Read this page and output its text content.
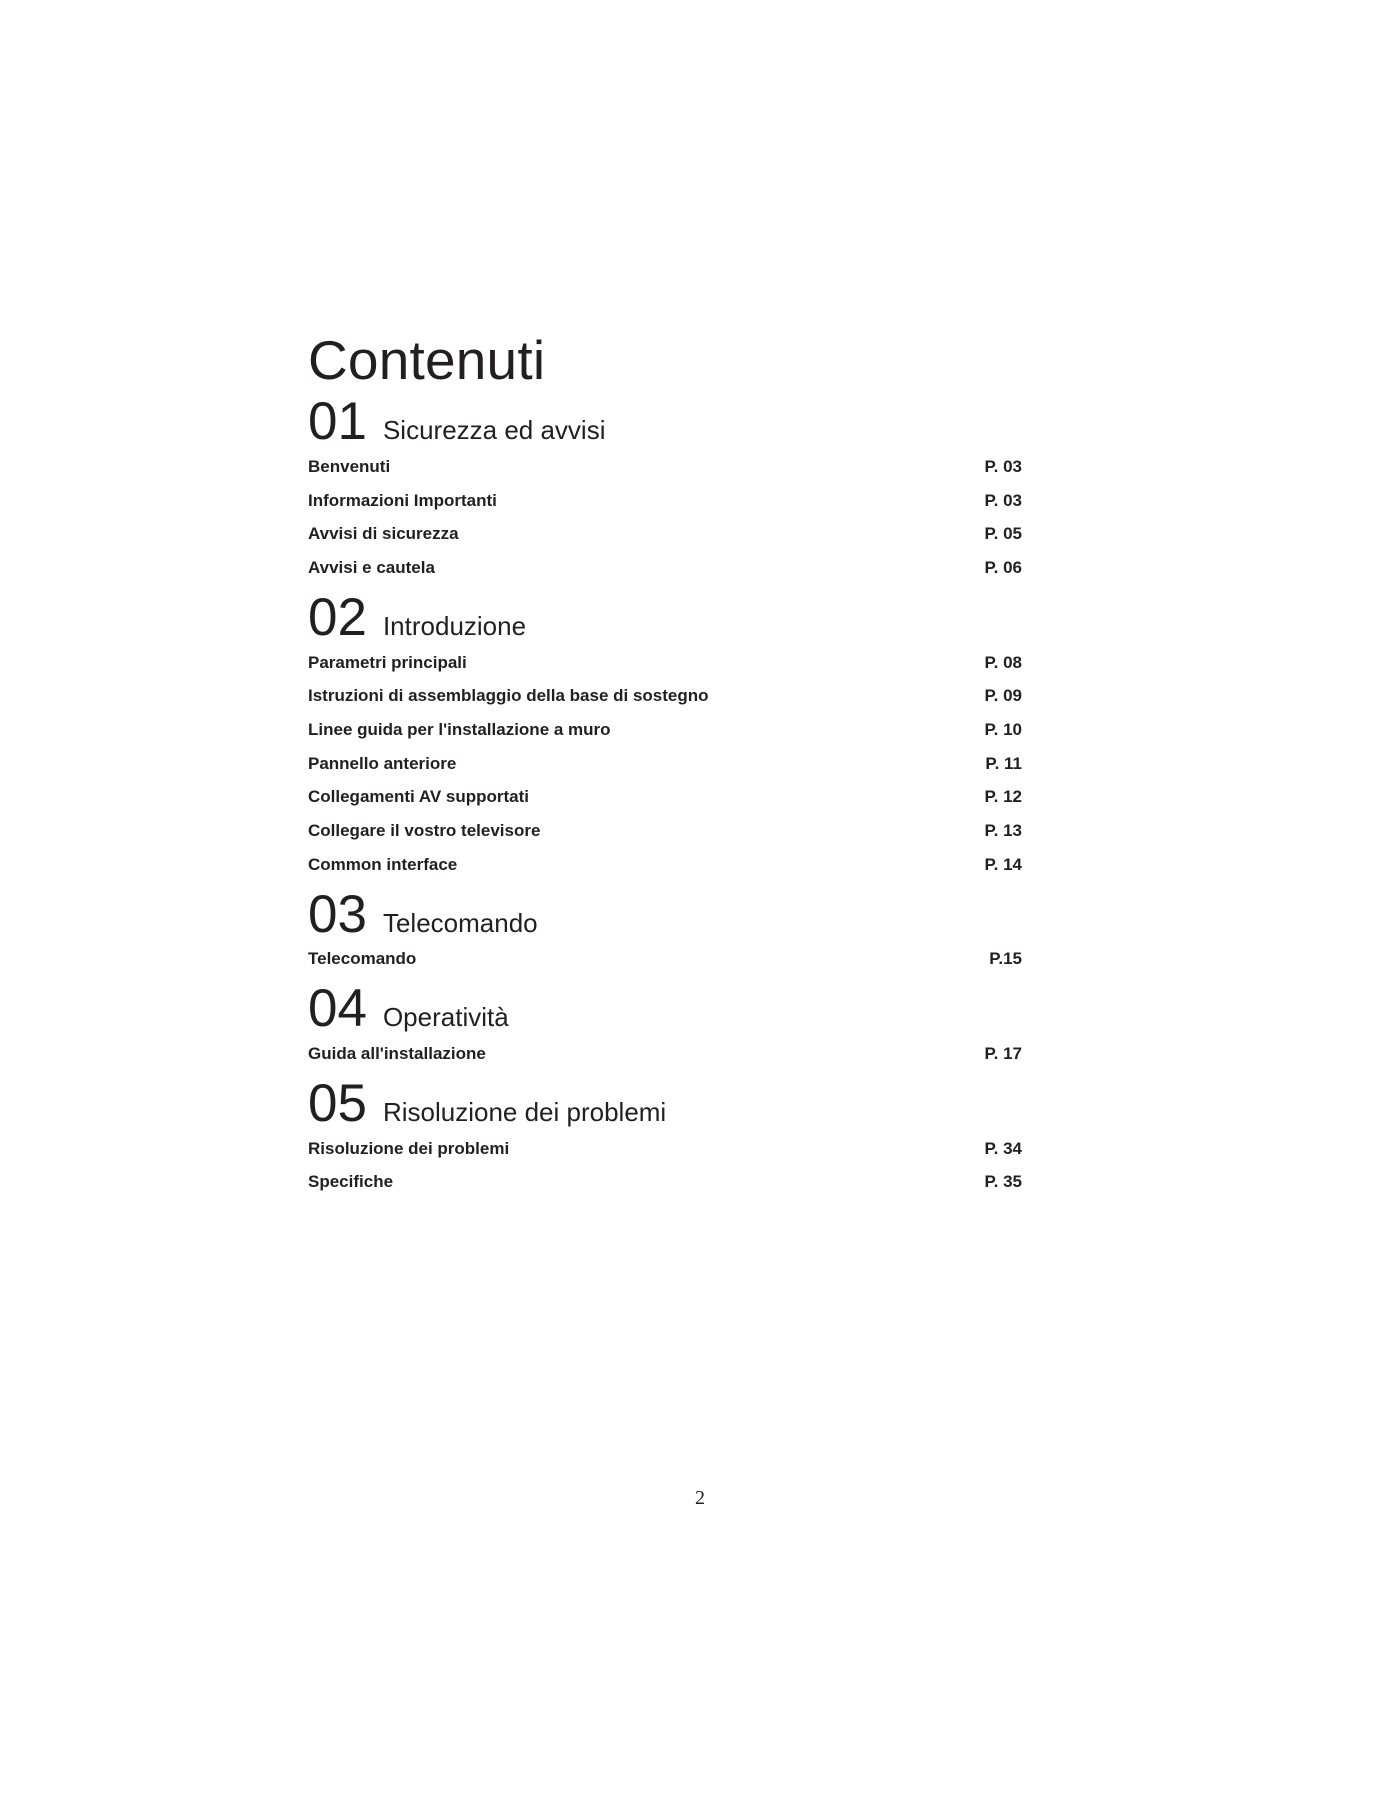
Contenuti
01 Sicurezza ed avvisi
Benvenuti	P. 03
Informazioni Importanti	P. 03
Avvisi di sicurezza	P. 05
Avvisi e cautela	P. 06
02 Introduzione
Parametri principali	P. 08
Istruzioni di assemblaggio della base di sostegno	P. 09
Linee guida per l'installazione a muro	P. 10
Pannello anteriore	P. 11
Collegamenti AV supportati	P. 12
Collegare il vostro televisore	P. 13
Common interface	P. 14
03 Telecomando
Telecomando	P.15
04 Operatività
Guida all'installazione	P. 17
05 Risoluzione dei problemi
Risoluzione dei problemi	P. 34
Specifiche	P. 35
2
